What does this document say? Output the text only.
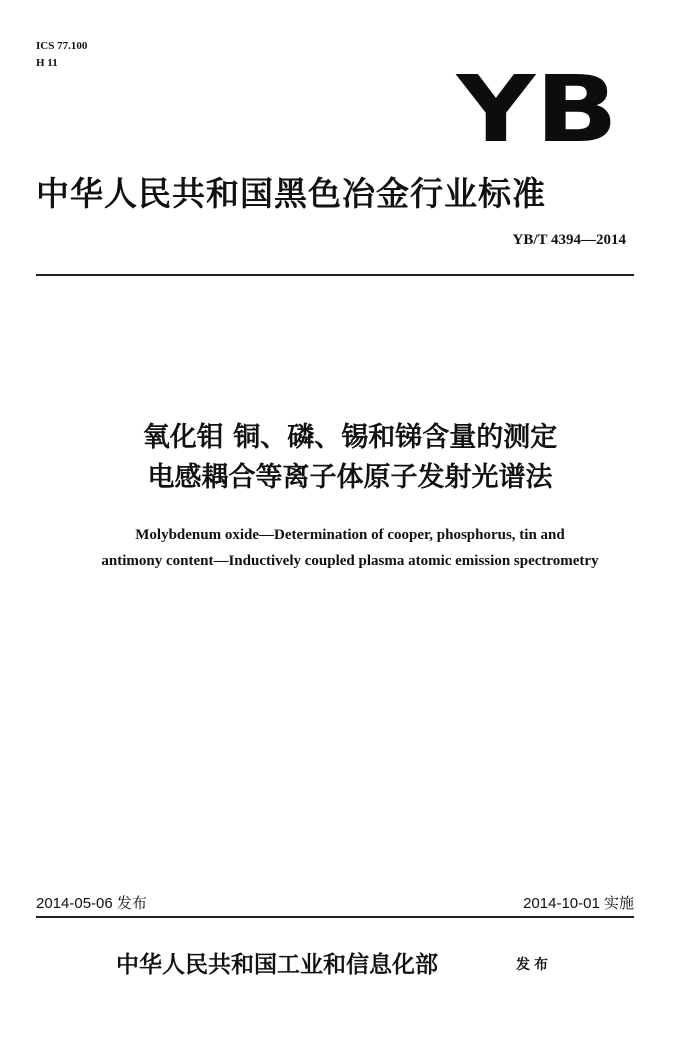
ICS 77.100
H 11	YB
中华人民共和国黑色冶金行业标准
YB/T 4394—2014
氧化钼 铜、磷、锡和锑含量的测定
电感耦合等离子体原子发射光谱法
Molybdenum oxide—Determination of cooper, phosphorus, tin and
antimony content—Inductively coupled plasma atomic emission spectrometry
2014-05-06 发布	2014-10-01 实施
中华人民共和国工业和信息化部	发布
